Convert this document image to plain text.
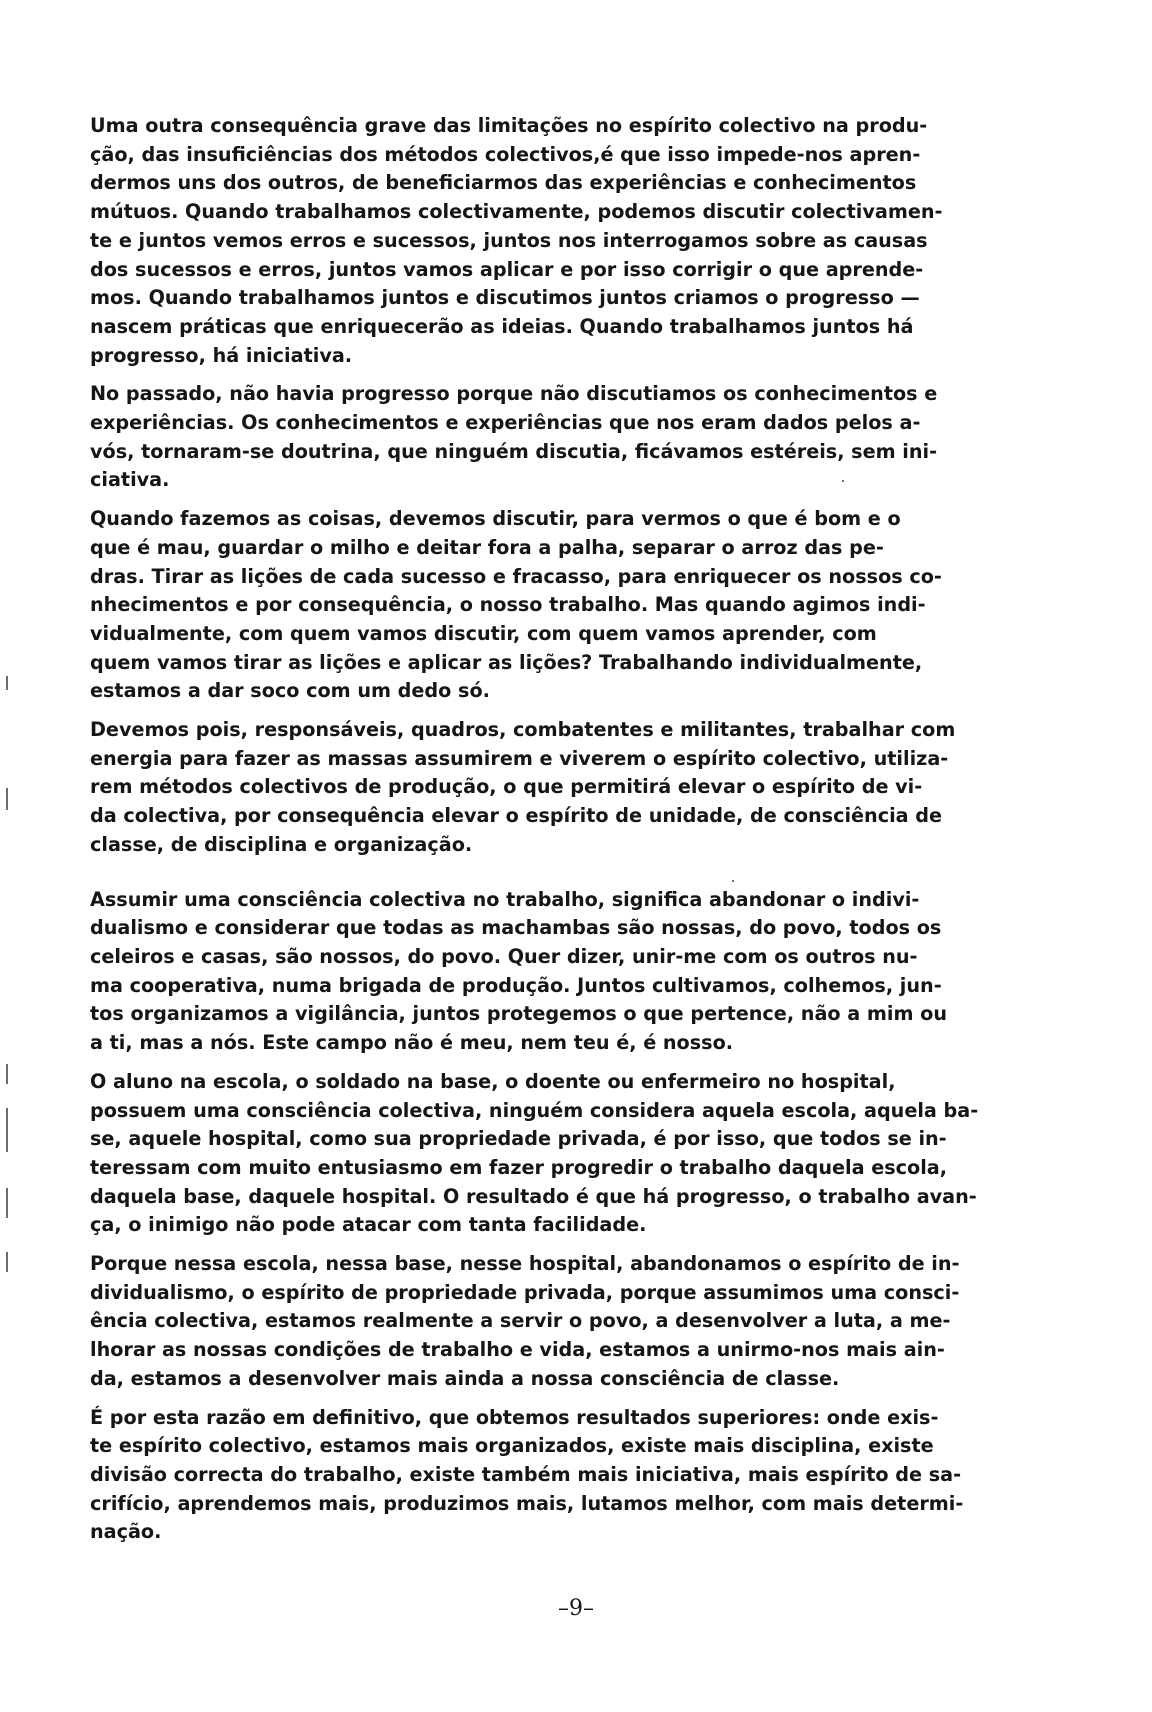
Uma outra consequência grave das limitações no espírito colectivo na produ-
ção, das insuficiências dos métodos colectivos,é que isso impede-nos apren-
dermos uns dos outros, de beneficiarmos das experiências e conhecimentos
mútuos. Quando trabalhamos colectivamente, podemos discutir colectivamen-
te e juntos vemos erros e sucessos, juntos nos interrogamos sobre as causas
dos sucessos e erros, juntos vamos aplicar e por isso corrigir o que aprende-
mos. Quando trabalhamos juntos e discutimos juntos criamos o progresso —
nascem práticas que enriquecerão as ideias. Quando trabalhamos juntos há
progresso, há iniciativa.

No passado, não havia progresso porque não discutiamos os conhecimentos e
experiências. Os conhecimentos e experiências que nos eram dados pelos a-
vós, tornaram-se doutrina, que ninguém discutia, ficávamos estéreis, sem ini-
ciativa.

Quando fazemos as coisas, devemos discutir, para vermos o que é bom e o
que é mau, guardar o milho e deitar fora a palha, separar o arroz das pe-
dras. Tirar as lições de cada sucesso e fracasso, para enriquecer os nossos co-
nhecimentos e por consequência, o nosso trabalho. Mas quando agimos indi-
vidualmente, com quem vamos discutir, com quem vamos aprender, com
quem vamos tirar as lições e aplicar as lições? Trabalhando individualmente,
estamos a dar soco com um dedo só.

Devemos pois, responsáveis, quadros, combatentes e militantes, trabalhar com
energia para fazer as massas assumirem e viverem o espírito colectivo, utiliza-
rem métodos colectivos de produção, o que permitirá elevar o espírito de vi-
da colectiva, por consequência elevar o espírito de unidade, de consciência de
classe, de disciplina e organização.

Assumir uma consciência colectiva no trabalho, significa abandonar o indivi-
dualismo e considerar que todas as machambas são nossas, do povo, todos os
celeiros e casas, são nossos, do povo. Quer dizer, unir-me com os outros nu-
ma cooperativa, numa brigada de produção. Juntos cultivamos, colhemos, jun-
tos organizamos a vigilância, juntos protegemos o que pertence, não a mim ou
a ti, mas a nós. Este campo não é meu, nem teu é, é nosso.

O aluno na escola, o soldado na base, o doente ou enfermeiro no hospital,
possuem uma consciência colectiva, ninguém considera aquela escola, aquela ba-
se, aquele hospital, como sua propriedade privada, é por isso, que todos se in-
teressam com muito entusiasmo em fazer progredir o trabalho daquela escola,
daquela base, daquele hospital. O resultado é que há progresso, o trabalho avan-
ça, o inimigo não pode atacar com tanta facilidade.

Porque nessa escola, nessa base, nesse hospital, abandonamos o espírito de in-
dividualismo, o espírito de propriedade privada, porque assumimos uma consci-
ência colectiva, estamos realmente a servir o povo, a desenvolver a luta, a me-
lhorar as nossas condições de trabalho e vida, estamos a unirmo-nos mais ain-
da, estamos a desenvolver mais ainda a nossa consciência de classe.

É por esta razão em definitivo, que obtemos resultados superiores: onde exis-
te espírito colectivo, estamos mais organizados, existe mais disciplina, existe
divisão correcta do trabalho, existe também mais iniciativa, mais espírito de sa-
crifício, aprendemos mais, produzimos mais, lutamos melhor, com mais determi-
nação.

–9–
